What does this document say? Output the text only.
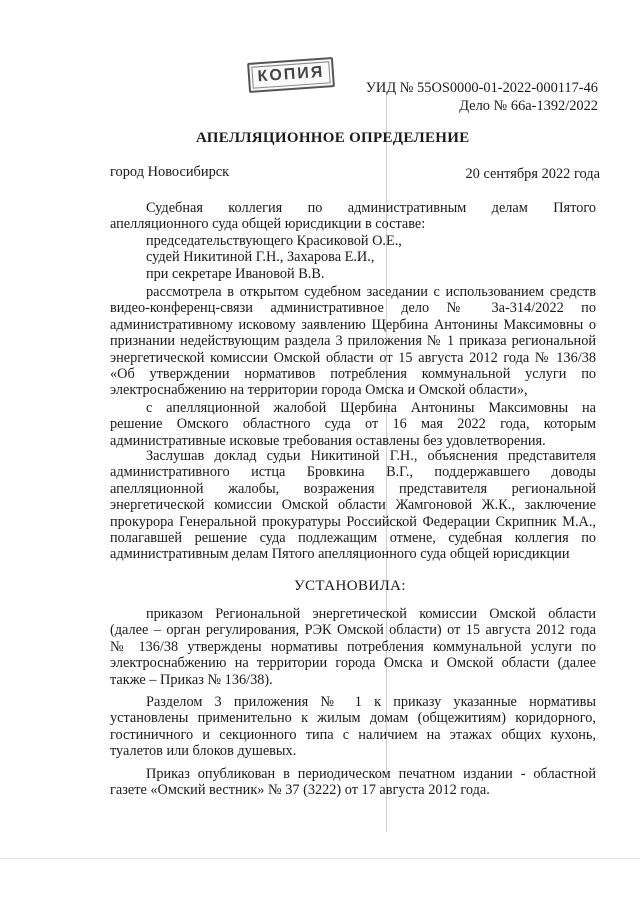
КОПИЯ
УИД № 55OS0000-01-2022-000117-46
Дело № 66а-1392/2022
АПЕЛЛЯЦИОННОЕ ОПРЕДЕЛЕНИЕ
город Новосибирск	20 сентября 2022 года
Судебная коллегия по административным делам Пятого
апелляционного суда общей юрисдикции в составе:
председательствующего Красиковой О.Е.,
судей Никитиной Г.Н., Захарова Е.И.,
при секретаре Ивановой В.В.
рассмотрела в открытом судебном заседании с использованием средств
видео-конференц-связи административное дело № 3а-314/2022 по
административному исковому заявлению Щербина Антонины Максимовны о
признании недействующим раздела 3 приложения № 1 приказа региональной
энергетической комиссии Омской области от 15 августа 2012 года № 136/38
«Об утверждении нормативов потребления коммунальной услуги по
электроснабжению на территории города Омска и Омской области»,
с апелляционной жалобой Щербина Антонины Максимовны на
решение Омского областного суда от 16 мая 2022 года, которым
административные исковые требования оставлены без удовлетворения.
Заслушав доклад судьи Никитиной Г.Н., объяснения представителя
административного истца Бровкина В.Г., поддержавшего доводы
апелляционной жалобы, возражения представителя региональной
энергетической комиссии Омской области Жамгоновой Ж.К., заключение
прокурора Генеральной прокуратуры Российской Федерации Скрипник М.А.,
полагавшей решение суда подлежащим отмене, судебная коллегия по
административным делам Пятого апелляционного суда общей юрисдикции
УСТАНОВИЛА:
приказом Региональной энергетической комиссии Омской области
(далее – орган регулирования, РЭК Омской области) от 15 августа 2012 года
№ 136/38 утверждены нормативы потребления коммунальной услуги по
электроснабжению на территории города Омска и Омской области (далее
также – Приказ № 136/38).
Разделом 3 приложения № 1 к приказу указанные нормативы
установлены применительно к жилым домам (общежитиям) коридорного,
гостиничного и секционного типа с наличием на этажах общих кухонь,
туалетов или блоков душевых.
Приказ опубликован в периодическом печатном издании - областной
газете «Омский вестник» № 37 (3222) от 17 августа 2012 года.
